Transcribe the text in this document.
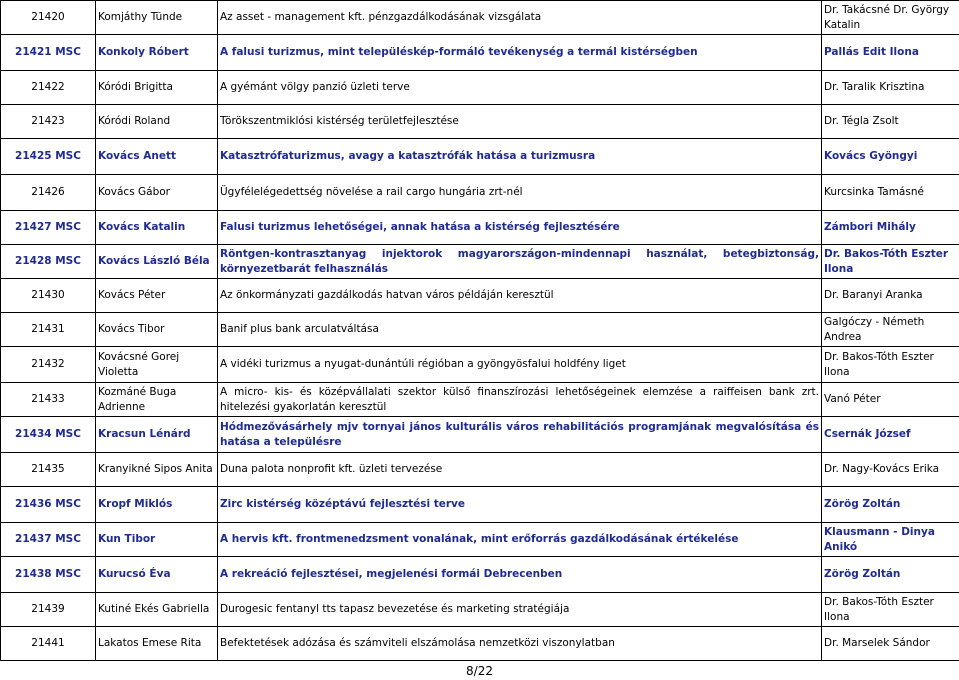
21420	Komjáthy Tünde	Az asset - management kft. pénzgazdálkodásának vizsgálata	Dr. Takácsné Dr. György Katalin
21421 MSC	Konkoly Róbert	A falusi turizmus, mint településkép-formáló tevékenység a termál kistérségben	Pallás Edit Ilona
21422	Kóródi Brigitta	A gyémánt völgy panzió üzleti terve	Dr. Taralik Krisztina
21423	Kóródi Roland	Törökszentmiklósi kistérség területfejlesztése	Dr. Tégla Zsolt
21425 MSC	Kovács Anett	Katasztrófaturizmus, avagy a katasztrófák hatása a turizmusra	Kovács Gyöngyi
21426	Kovács Gábor	Ügyfélelégedettség növelése a rail cargo hungária zrt-nél	Kurcsinka Tamásné
21427 MSC	Kovács Katalin	Falusi turizmus lehetőségei, annak hatása a kistérség fejlesztésére	Zámbori Mihály
21428 MSC	Kovács László Béla	Röntgen-kontrasztanyag injektorok magyarországon-mindennapi használat, betegbiztonság, környezetbarát felhasználás	Dr. Bakos-Tóth Eszter Ilona
21430	Kovács Péter	Az önkormányzati gazdálkodás hatvan város példáján keresztül	Dr. Baranyi Aranka
21431	Kovács Tibor	Banif plus bank arculatváltása	Galgóczy - Németh Andrea
21432	Kovácsné Gorej Violetta	A vidéki turizmus a nyugat-dunántúli régióban a gyöngyösfalui holdfény liget	Dr. Bakos-Tóth Eszter Ilona
21433	Kozmáné Buga Adrienne	A micro- kis- és középvállalati szektor külső finanszírozási lehetőségeinek elemzése a raiffeisen bank zrt. hitelezési gyakorlatán keresztül	Vanó Péter
21434 MSC	Kracsun Lénárd	Hódmezővásárhely mjv tornyai jános kulturális város rehabilitációs programjának megvalósítása és hatása a településre	Csernák József
21435	Kranyikné Sipos Anita	Duna palota nonprofit kft. üzleti tervezése	Dr. Nagy-Kovács Erika
21436 MSC	Kropf Miklós	Zirc kistérség középtávú fejlesztési terve	Zörög Zoltán
21437 MSC	Kun Tibor	A hervis kft. frontmenedzsment vonalának, mint erőforrás gazdálkodásának értékelése	Klausmann - Dinya Anikó
21438 MSC	Kurucsó Éva	A rekreáció fejlesztései, megjelenési formái Debrecenben	Zörög Zoltán
21439	Kutiné Ekés Gabriella	Durogesic fentanyl tts tapasz bevezetése és marketing stratégiája	Dr. Bakos-Tóth Eszter Ilona
21441	Lakatos Emese Rita	Befektetések adózása és számviteli elszámolása nemzetközi viszonylatban	Dr. Marselek Sándor
8/22
